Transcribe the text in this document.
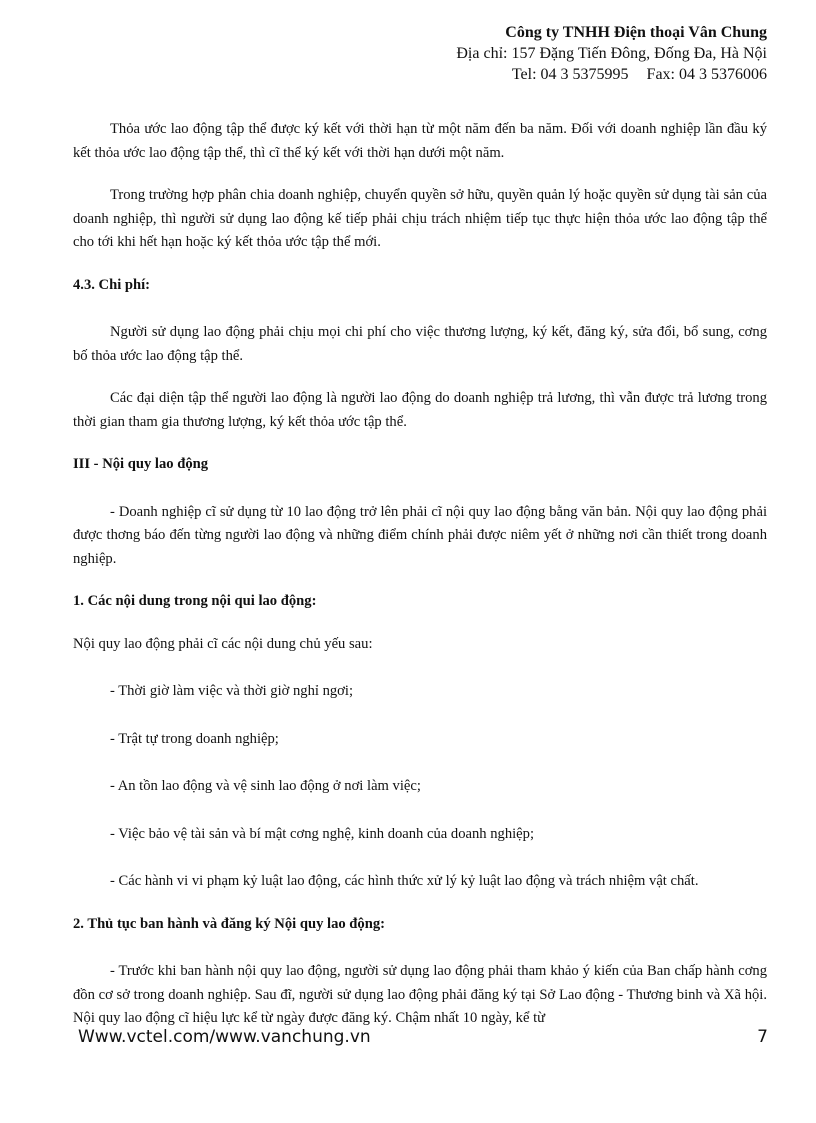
Công ty TNHH Điện thoại Vân Chung
Địa chỉ: 157 Đặng Tiến Đông, Đống Đa, Hà Nội
Tel: 04 3 5375995 Fax: 04 3 5376006

Thỏa ước lao động tập thể được ký kết với thời hạn từ một năm đến ba năm. Đối với doanh nghiệp lần đầu ký kết thỏa ước lao động tập thể, thì cĩ thể ký kết với thời hạn dưới một năm.

Trong trường hợp phân chia doanh nghiệp, chuyển quyền sở hữu, quyền quản lý hoặc quyền sử dụng tài sản của doanh nghiệp, thì người sử dụng lao động kế tiếp phải chịu trách nhiệm tiếp tục thực hiện thỏa ước lao động tập thể cho tới khi hết hạn hoặc ký kết thỏa ước tập thể mới.

4.3. Chi phí:

Người sử dụng lao động phải chịu mọi chi phí cho việc thương lượng, ký kết, đăng ký, sửa đổi, bổ sung, cơng bố thỏa ước lao động tập thể.

Các đại diện tập thể người lao động là người lao động do doanh nghiệp trả lương, thì vẫn được trả lương trong thời gian tham gia thương lượng, ký kết thỏa ước tập thể.

III - Nội quy lao động

- Doanh nghiệp cĩ sử dụng từ 10 lao động trở lên phải cĩ nội quy lao động bằng văn bản. Nội quy lao động phải được thơng báo đến từng người lao động và những điểm chính phải được niêm yết ở những nơi cần thiết trong doanh nghiệp.

1. Các nội dung trong nội qui lao động:

Nội quy lao động phải cĩ các nội dung chủ yếu sau:

- Thời giờ làm việc và thời giờ nghỉ ngơi;

- Trật tự trong doanh nghiệp;

- An tồn lao động và vệ sinh lao động ở nơi làm việc;

- Việc bảo vệ tài sản và bí mật cơng nghệ, kinh doanh của doanh nghiệp;

- Các hành vi vi phạm kỷ luật lao động, các hình thức xử lý kỷ luật lao động và trách nhiệm vật chất.

2. Thủ tục ban hành và đăng ký Nội quy lao động:

- Trước khi ban hành nội quy lao động, người sử dụng lao động phải tham khảo ý kiến của Ban chấp hành cơng đồn cơ sở trong doanh nghiệp. Sau đĩ, người sử dụng lao động phải đăng ký tại Sở Lao động - Thương binh và Xã hội. Nội quy lao động cĩ hiệu lực kể từ ngày được đăng ký. Chậm nhất 10 ngày, kể từ

Www.vctel.com/www.vanchung.vn	7
